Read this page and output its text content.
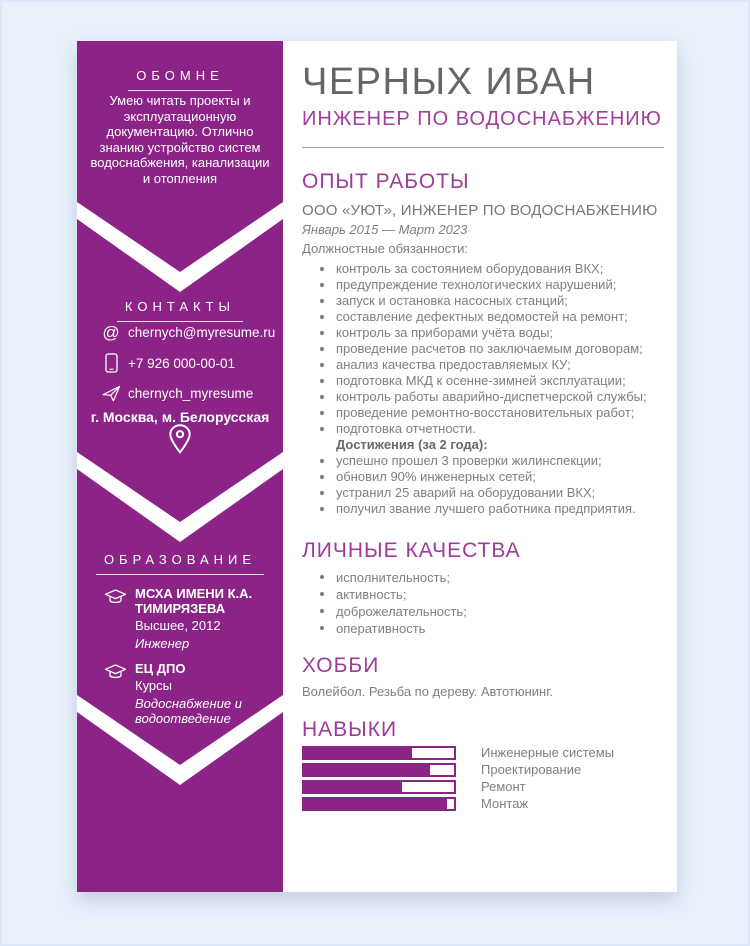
ОБОМНЕ
Умею читать проекты и эксплуатационную документацию. Отлично знанию устройство систем водоснабжения, канализации и отопления
КОНТАКТЫ
@ chernych@myresume.ru
+7 926 000-00-01
chernych_myresume
г. Москва, м. Белорусская
ОБРАЗОВАНИЕ
МСХА ИМЕНИ К.А. ТИМИРЯЗЕВА
Высшее, 2012
Инженер
ЕЦ ДПО
Курсы
Водоснабжение и водоотведение
ЧЕРНЫХ ИВАН
ИНЖЕНЕР ПО ВОДОСНАБЖЕНИЮ
ОПЫТ РАБОТЫ
ООО «УЮТ», ИНЖЕНЕР ПО ВОДОСНАБЖЕНИЮ
Январь 2015 — Март 2023
Должностные обязанности:
контроль за состоянием оборудования ВКХ;
предупреждение технологических нарушений;
запуск и остановка насосных станций;
составление дефектных ведомостей на ремонт;
контроль за приборами учёта воды;
проведение расчетов по заключаемым договорам;
анализ качества предоставляемых КУ;
подготовка МКД к осенне-зимней эксплуатации;
контроль работы аварийно-диспетчерской службы;
проведение ремонтно-восстановительных работ;
подготовка отчетности.
Достижения (за 2 года):
успешно прошел 3 проверки жилинспекции;
обновил 90% инженерных сетей;
устранил 25 аварий на оборудовании ВКХ;
получил звание лучшего работника предприятия.
ЛИЧНЫЕ КАЧЕСТВА
исполнительность;
активность;
доброжелательность;
оперативность
ХОББИ
Волейбол. Резьба по дереву. Автотюнинг.
НАВЫКИ
Инженерные системы
Проектирование
Ремонт
Монтаж
